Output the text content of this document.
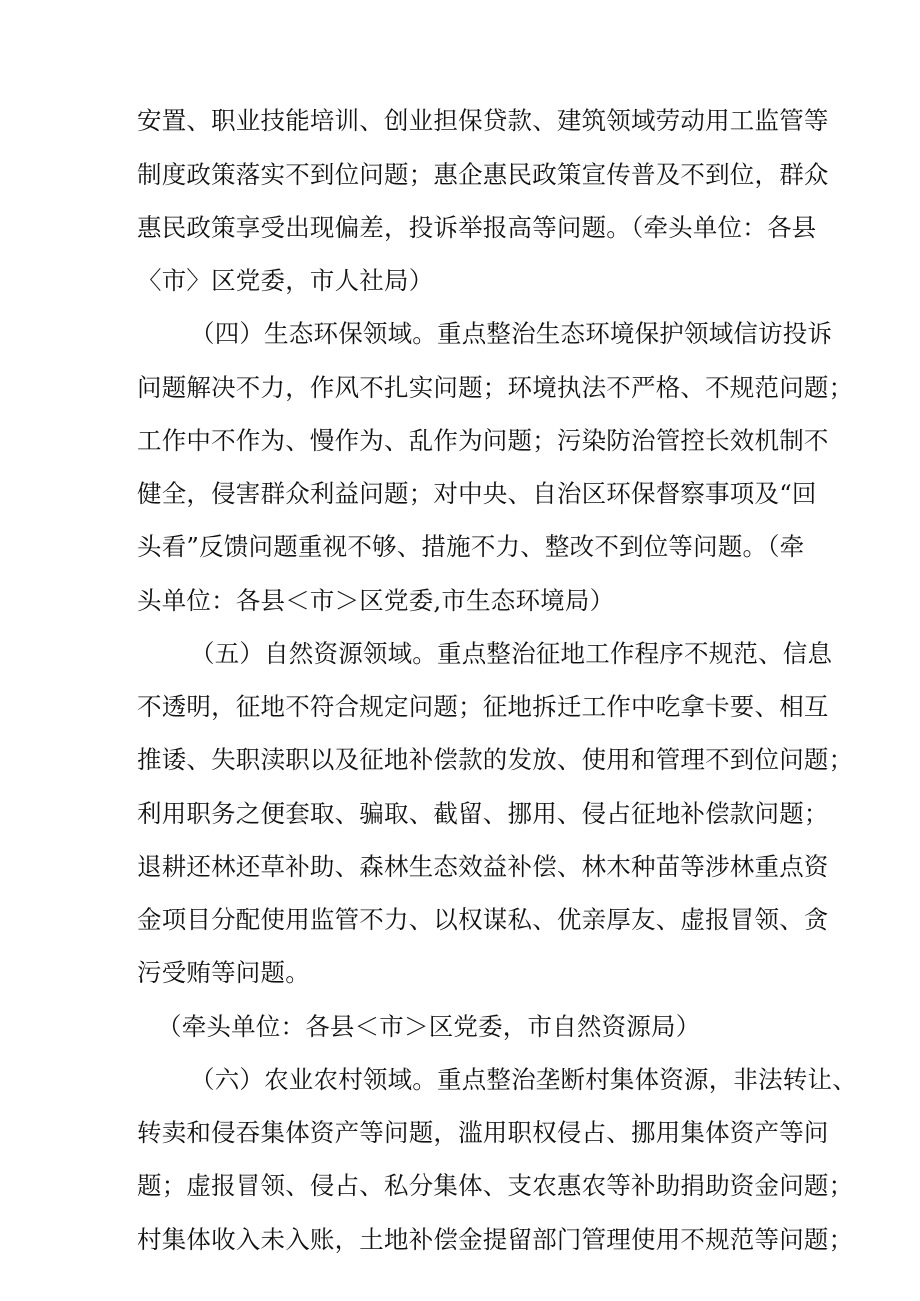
安置、职业技能培训、创业担保贷款、建筑领域劳动用工监管等
制度政策落实不到位问题；惠企惠民政策宣传普及不到位，群众
惠民政策享受出现偏差，投诉举报高等问题。（牵头单位：各县
〈市〉区党委，市人社局）
（四）生态环保领域。重点整治生态环境保护领域信访投诉
问题解决不力，作风不扎实问题；环境执法不严格、不规范问题；
工作中不作为、慢作为、乱作为问题；污染防治管控长效机制不
健全，侵害群众利益问题；对中央、自治区环保督察事项及“回
头看”反馈问题重视不够、措施不力、整改不到位等问题。（牵
头单位：各县＜市＞区党委,市生态环境局）
（五）自然资源领域。重点整治征地工作程序不规范、信息
不透明，征地不符合规定问题；征地拆迁工作中吃拿卡要、相互
推诿、失职渎职以及征地补偿款的发放、使用和管理不到位问题；
利用职务之便套取、骗取、截留、挪用、侵占征地补偿款问题；
退耕还林还草补助、森林生态效益补偿、林木种苗等涉林重点资
金项目分配使用监管不力、以权谋私、优亲厚友、虚报冒领、贪
污受贿等问题。
（牵头单位：各县＜市＞区党委，市自然资源局）
（六）农业农村领域。重点整治垄断村集体资源，非法转让、
转卖和侵吞集体资产等问题，滥用职权侵占、挪用集体资产等问
题；虚报冒领、侵占、私分集体、支农惠农等补助捐助资金问题；
村集体收入未入账，土地补偿金提留部门管理使用不规范等问题；
